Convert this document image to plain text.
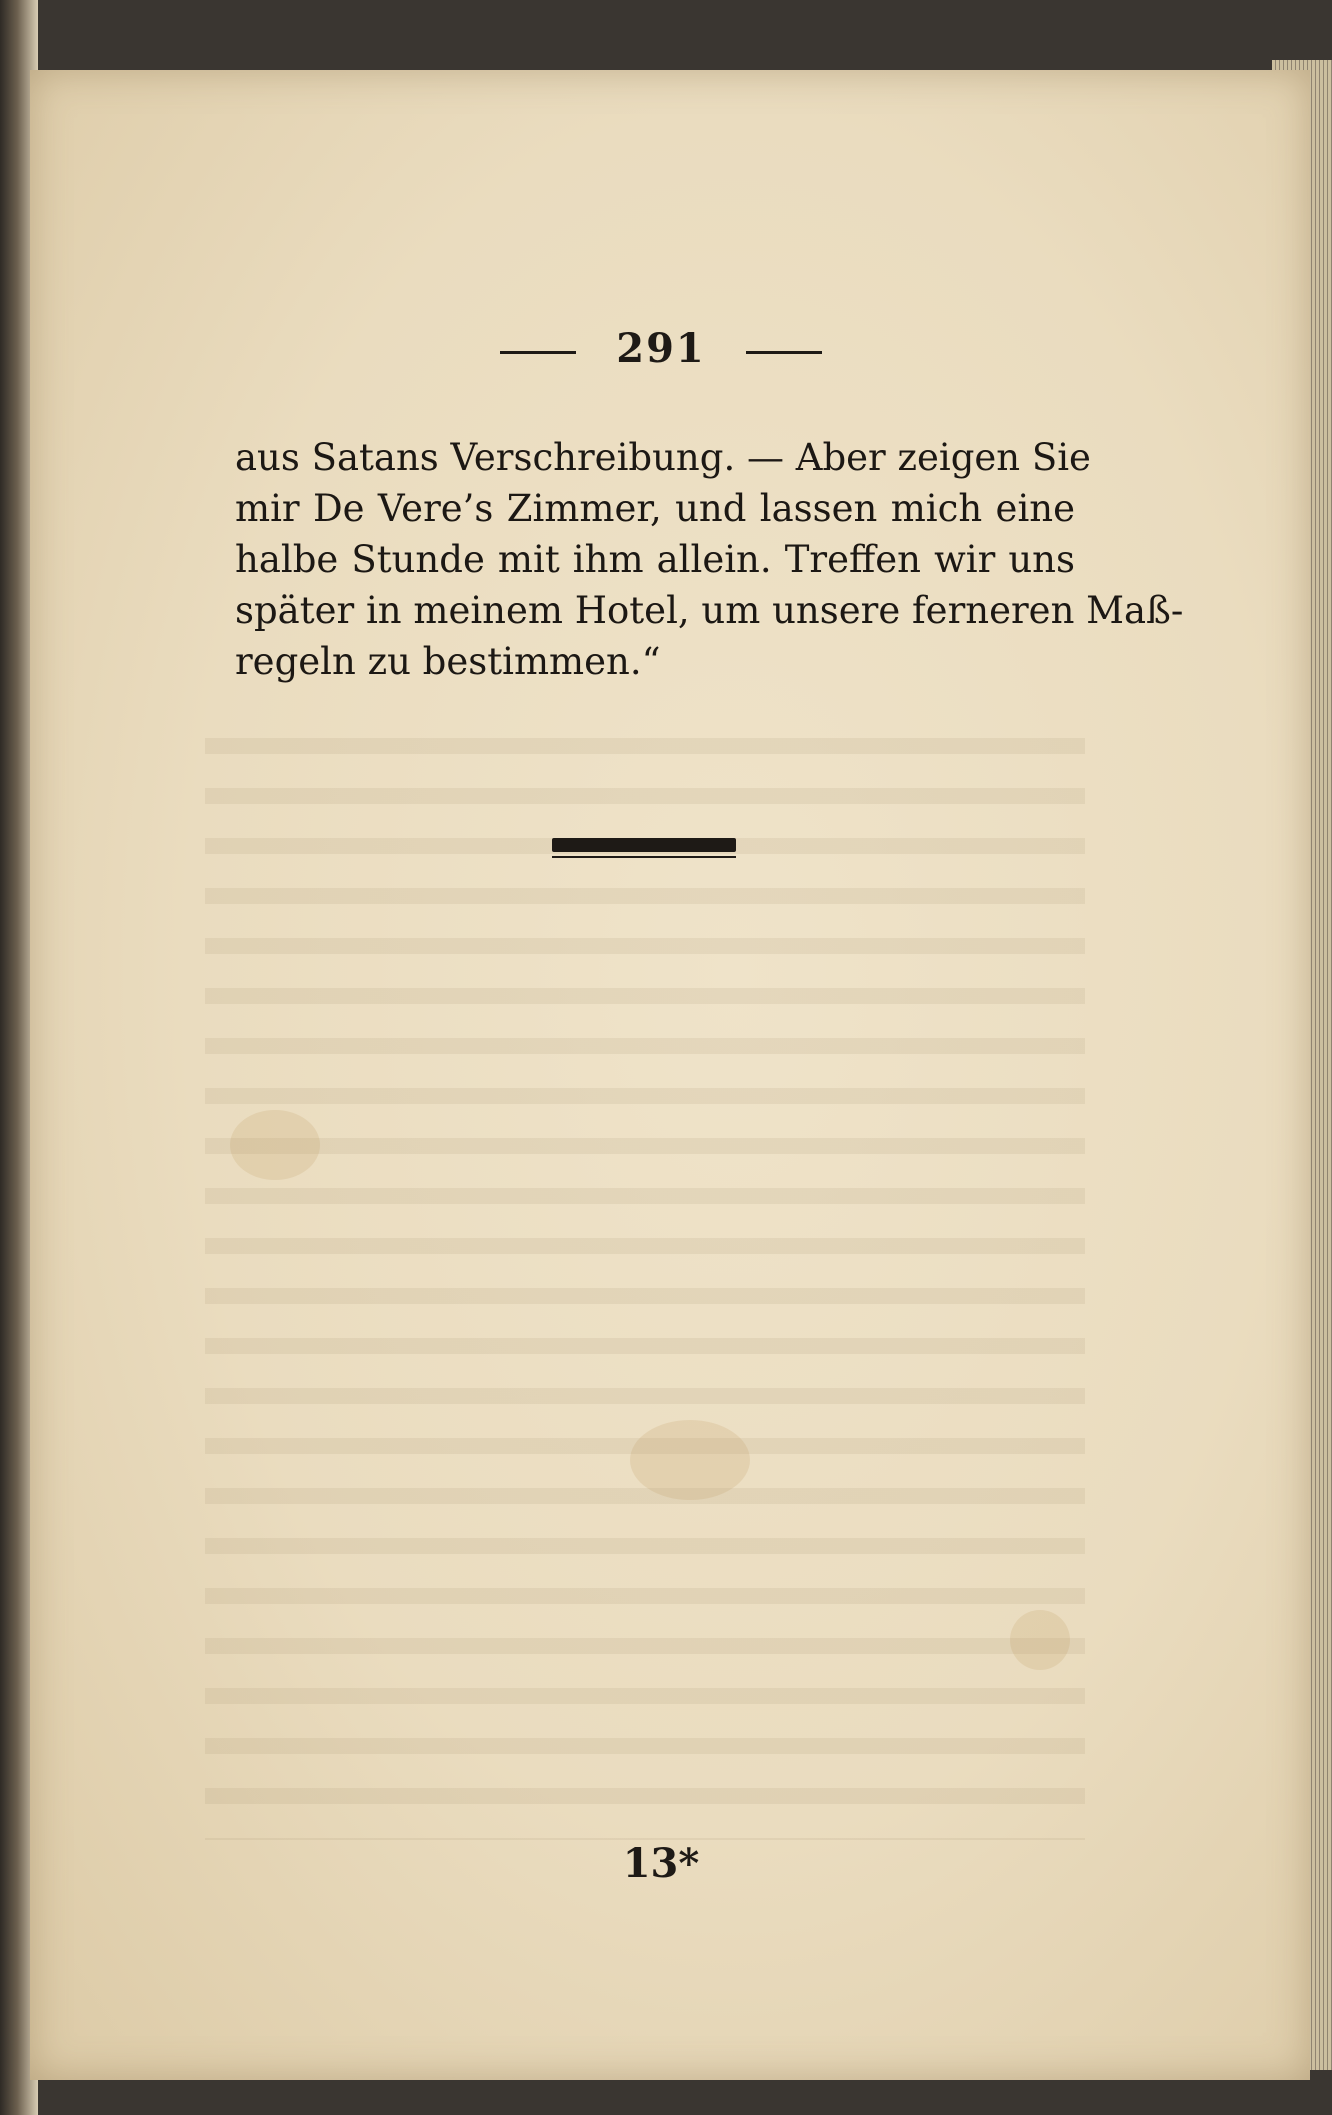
291
aus Satans Verschreibung. — Aber zeigen Sie
mir De Vere’s Zimmer, und lassen mich eine
halbe Stunde mit ihm allein. Treffen wir uns
später in meinem Hotel, um unsere ferneren Maß-
regeln zu bestimmen.“
13*
